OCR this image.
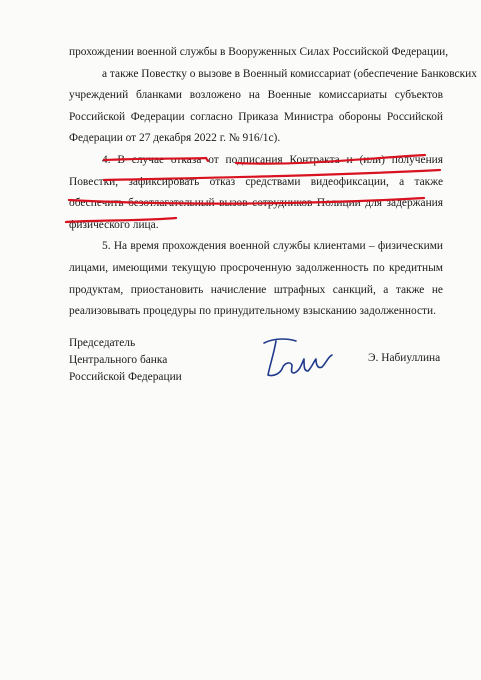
прохождении военной службы в Вооруженных Силах Российской Федерации,
а также Повестку о вызове в Военный комиссариат (обеспечение Банковских
учреждений бланками возложено на Военные комиссариаты субъектов
Российской Федерации согласно Приказа Министра обороны Российской
Федерации от 27 декабря 2022 г. № 916/1с).

4. В случае отказа от подписания Контракта и (или) получения
Повестки, зафиксировать отказ средствами видеофиксации, а также
обеспечить безотлагательный вызов сотрудников Полиции для задержания
физического лица.

5. На время прохождения военной службы клиентами – физическими
лицами, имеющими текущую просроченную задолженность по кредитным
продуктам, приостановить начисление штрафных санкций, а также не
реализовывать процедуры по принудительному взысканию задолженности.

Председатель
Центрального банка
Российской Федерации
Э. Набиуллина
